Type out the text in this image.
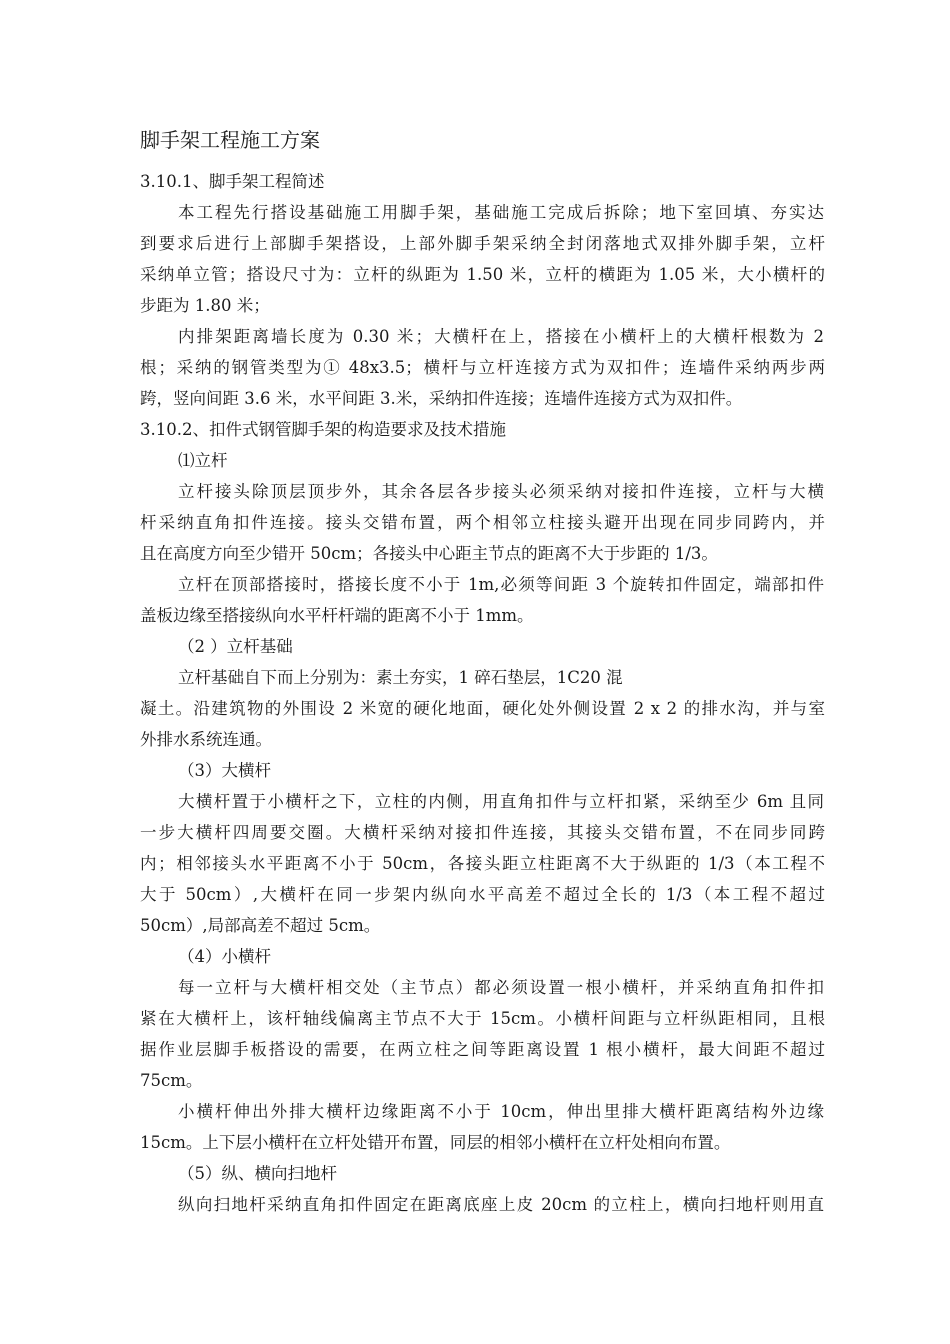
脚手架工程施工方案
3.10.1、脚手架工程简述
本工程先行搭设基础施工用脚手架，基础施工完成后拆除；地下室回填、夯实达
到要求后进行上部脚手架搭设，上部外脚手架采纳全封闭落地式双排外脚手架，立杆
采纳单立管；搭设尺寸为：立杆的纵距为 1.50 米，立杆的横距为 1.05 米，大小横杆的
步距为 1.80 米；
内排架距离墙长度为 0.30 米；大横杆在上，搭接在小横杆上的大横杆根数为 2
根；采纳的钢管类型为① 48x3.5；横杆与立杆连接方式为双扣件；连墙件采纳两步两
跨，竖向间距 3.6 米，水平间距 3.米，采纳扣件连接；连墙件连接方式为双扣件。
3.10.2、扣件式钢管脚手架的构造要求及技术措施
⑴立杆
立杆接头除顶层顶步外，其余各层各步接头必须采纳对接扣件连接，立杆与大横
杆采纳直角扣件连接。接头交错布置，两个相邻立柱接头避开出现在同步同跨内，并
且在高度方向至少错开 50cm；各接头中心距主节点的距离不大于步距的 1/3。
立杆在顶部搭接时，搭接长度不小于 1m,必须等间距 3 个旋转扣件固定，端部扣件
盖板边缘至搭接纵向水平杆杆端的距离不小于 1mm。
（2 ）立杆基础
立杆基础自下而上分别为：素土夯实，1 碎石垫层，1C20 混
凝土。沿建筑物的外围设 2 米宽的硬化地面，硬化处外侧设置 2 x 2 的排水沟，并与室
外排水系统连通。
（3）大横杆
大横杆置于小横杆之下，立柱的内侧，用直角扣件与立杆扣紧，采纳至少 6m 且同
一步大横杆四周要交圈。大横杆采纳对接扣件连接，其接头交错布置，不在同步同跨
内；相邻接头水平距离不小于 50cm，各接头距立柱距离不大于纵距的 1/3（本工程不
大于 50cm）,大横杆在同一步架内纵向水平高差不超过全长的 1/3（本工程不超过
50cm）,局部高差不超过 5cm。
（4）小横杆
每一立杆与大横杆相交处（主节点）都必须设置一根小横杆，并采纳直角扣件扣
紧在大横杆上，该杆轴线偏离主节点不大于 15cm。小横杆间距与立杆纵距相同，且根
据作业层脚手板搭设的需要，在两立柱之间等距离设置 1 根小横杆，最大间距不超过
75cm。
小横杆伸出外排大横杆边缘距离不小于 10cm，伸出里排大横杆距离结构外边缘
15cm。上下层小横杆在立杆处错开布置，同层的相邻小横杆在立杆处相向布置。
（5）纵、横向扫地杆
纵向扫地杆采纳直角扣件固定在距离底座上皮 20cm 的立柱上，横向扫地杆则用直
